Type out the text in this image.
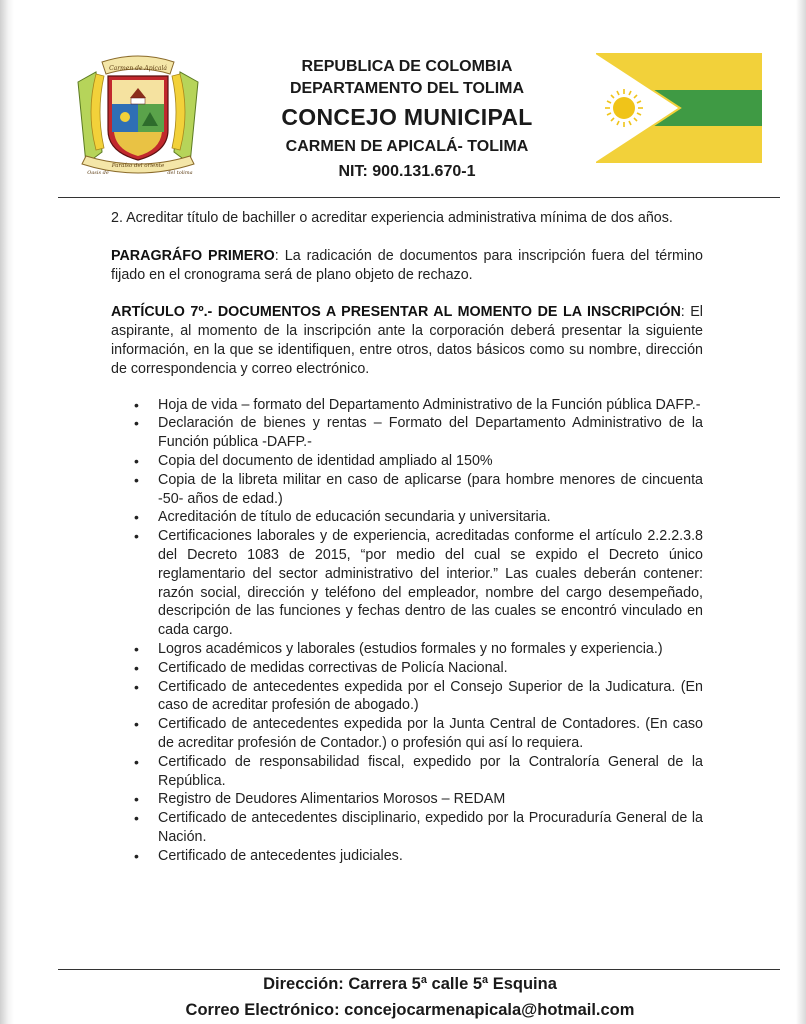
Carmen de Apicalá
Paraíso del oriente
Oasis de	del tolima
REPUBLICA DE COLOMBIA
DEPARTAMENTO DEL TOLIMA
CONCEJO MUNICIPAL
CARMEN DE APICALÁ- TOLIMA
NIT: 900.131.670-1

2. Acreditar título de bachiller o acreditar experiencia administrativa mínima de dos años.

PARAGRÁFO PRIMERO: La radicación de documentos para inscripción fuera del término fijado en el cronograma será de plano objeto de rechazo.

ARTÍCULO 7º.- DOCUMENTOS A PRESENTAR AL MOMENTO DE LA INSCRIPCIÓN: El aspirante, al momento de la inscripción ante la corporación deberá presentar la siguiente información, en la que se identifiquen, entre otros, datos básicos como su nombre, dirección de correspondencia y correo electrónico.

• Hoja de vida – formato del Departamento Administrativo de la Función pública DAFP.-
• Declaración de bienes y rentas – Formato del Departamento Administrativo de la Función pública -DAFP.-
• Copia del documento de identidad ampliado al 150%
• Copia de la libreta militar en caso de aplicarse (para hombre menores de cincuenta -50- años de edad.)
• Acreditación de título de educación secundaria y universitaria.
• Certificaciones laborales y de experiencia, acreditadas conforme el artículo 2.2.2.3.8 del Decreto 1083 de 2015, “por medio del cual se expido el Decreto único reglamentario del sector administrativo del interior.” Las cuales deberán contener: razón social, dirección y teléfono del empleador, nombre del cargo desempeñado, descripción de las funciones y fechas dentro de las cuales se encontró vinculado en cada cargo.
• Logros académicos y laborales (estudios formales y no formales y experiencia.)
• Certificado de medidas correctivas de Policía Nacional.
• Certificado de antecedentes expedida por el Consejo Superior de la Judicatura. (En caso de acreditar profesión de abogado.)
• Certificado de antecedentes expedida por la Junta Central de Contadores. (En caso de acreditar profesión de Contador.) o profesión qui así lo requiera.
• Certificado de responsabilidad fiscal, expedido por la Contraloría General de la República.
• Registro de Deudores Alimentarios Morosos – REDAM
• Certificado de antecedentes disciplinario, expedido por la Procuraduría General de la Nación.
• Certificado de antecedentes judiciales.
Dirección: Carrera 5ª calle 5ª Esquina
Correo Electrónico: concejocarmenapicala@hotmail.com
